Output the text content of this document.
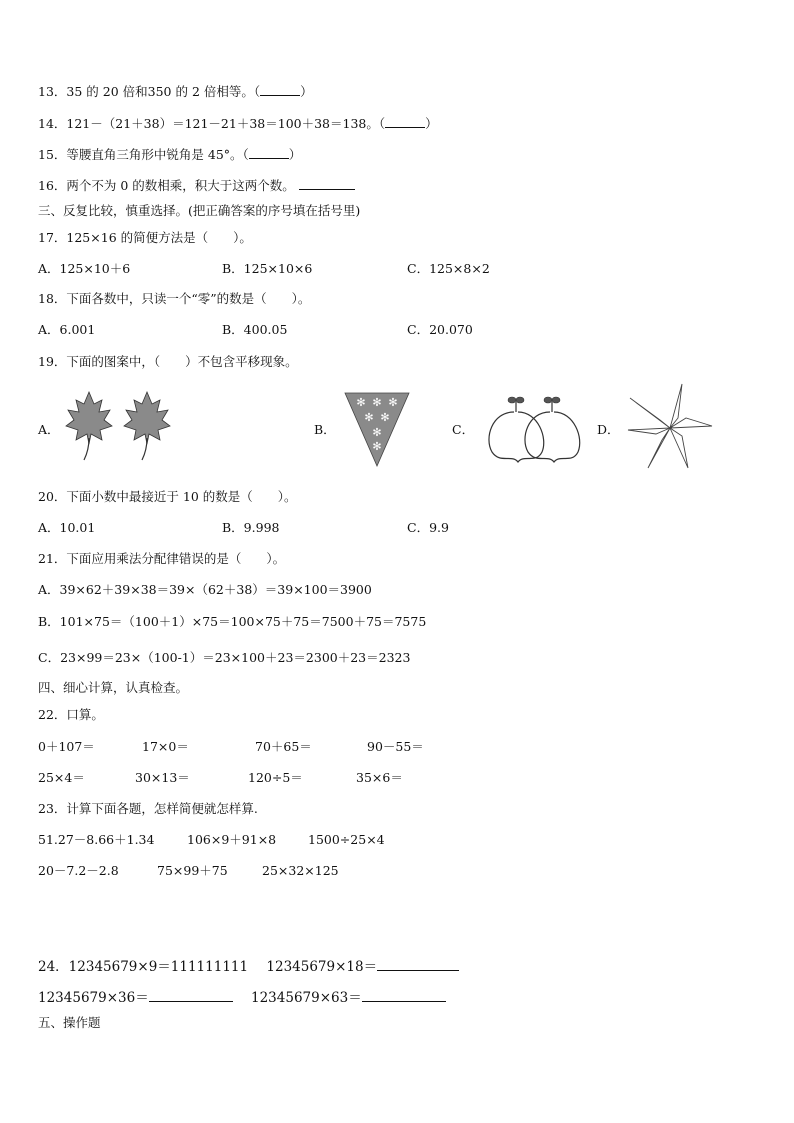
13．35 的 20 倍和350 的 2 倍相等。（	）
14．121－（21＋38）＝121－21＋38＝100＋38＝138。（	）
15．等腰直角三角形中锐角是 45°。（	）
16．两个不为 0 的数相乘，积大于这两个数。
三、反复比较，慎重选择。(把正确答案的序号填在括号里)
17．125×16 的简便方法是（　　）。
A．125×10＋6	B．125×10×6	C．125×8×2
18．下面各数中，只读一个“零”的数是（　　）。
A．6.001	B．400.05	C．20.070
19．下面的图案中，（　　）不包含平移现象。
A．	B．
✻ ✻ ✻
✻ ✻
✻
✻
C．	D．
20．下面小数中最接近于 10 的数是（　　）。
A．10.01	B．9.998	C．9.9
21．下面应用乘法分配律错误的是（　　）。
A．39×62＋39×38＝39×（62＋38）＝39×100＝3900
B．101×75＝（100＋1）×75＝100×75＋75＝7500＋75＝7575
C．23×99＝23×（100-1）＝23×100＋23＝2300＋23＝2323
四、细心计算，认真检查。
22．口算。
0＋107＝	17×0＝	70＋65＝	90－55＝
25×4＝	30×13＝	120÷5＝	35×6＝
23．计算下面各题，怎样简便就怎样算.
51.27－8.66＋1.34	106×9＋91×8	1500÷25×4
20－7.2－2.8	75×99＋75	25×32×125
24．12345679×9＝111111111 12345679×18＝
12345679×36＝	12345679×63＝
五、操作题
